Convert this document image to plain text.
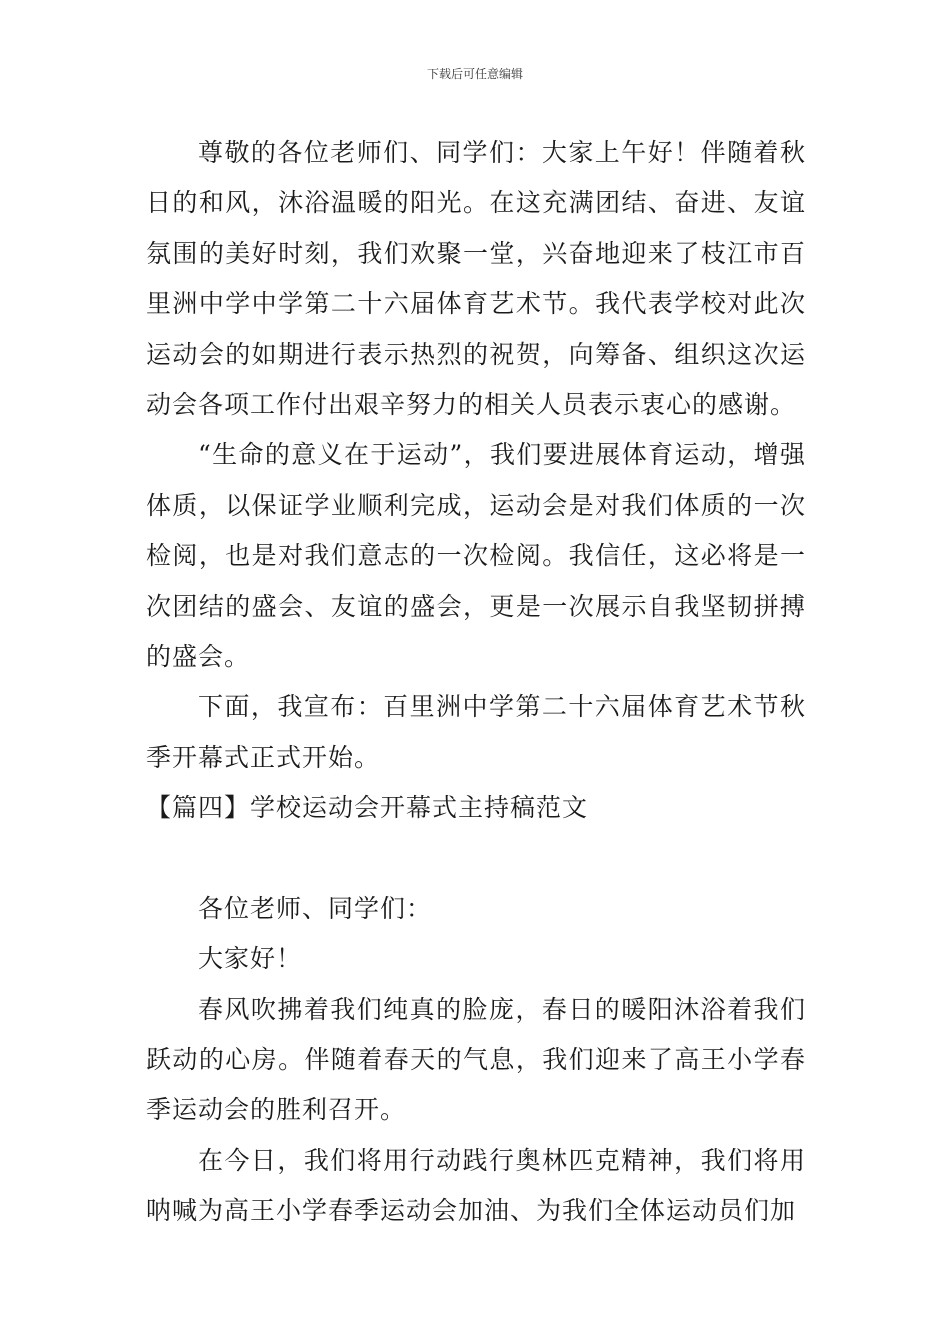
下载后可任意编辑

尊敬的各位老师们、同学们：大家上午好！伴随着秋日的和风，沐浴温暖的阳光。在这充满团结、奋进、友谊氛围的美好时刻，我们欢聚一堂，兴奋地迎来了枝江市百里洲中学中学第二十六届体育艺术节。我代表学校对此次运动会的如期进行表示热烈的祝贺，向筹备、组织这次运动会各项工作付出艰辛努力的相关人员表示衷心的感谢。

“生命的意义在于运动”，我们要进展体育运动，增强体质，以保证学业顺利完成，运动会是对我们体质的一次检阅，也是对我们意志的一次检阅。我信任，这必将是一次团结的盛会、友谊的盛会，更是一次展示自我坚韧拼搏的盛会。

下面，我宣布：百里洲中学第二十六届体育艺术节秋季开幕式正式开始。

【篇四】学校运动会开幕式主持稿范文

各位老师、同学们：

大家好！

春风吹拂着我们纯真的脸庞，春日的暖阳沐浴着我们跃动的心房。伴随着春天的气息，我们迎来了高王小学春季运动会的胜利召开。

在今日，我们将用行动践行奥林匹克精神，我们将用呐喊为高王小学春季运动会加油、为我们全体运动员们加
